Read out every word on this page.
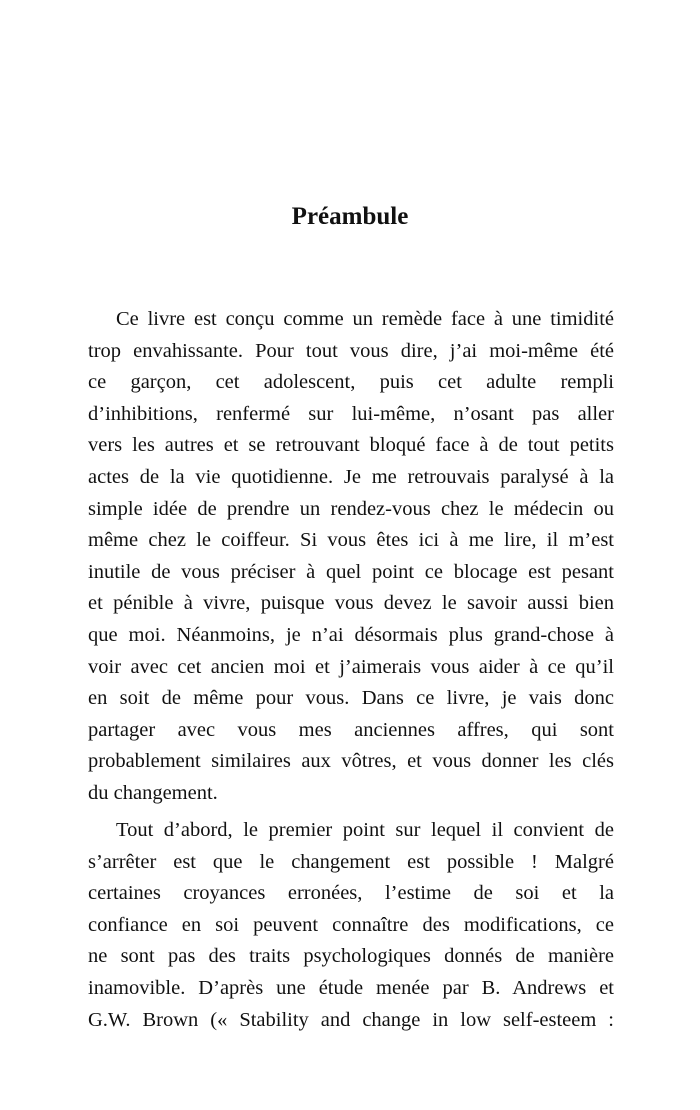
Préambule
Ce livre est conçu comme un remède face à une timidité
trop envahissante. Pour tout vous dire, j’ai moi-même été
ce garçon, cet adolescent, puis cet adulte rempli
d’inhibitions, renfermé sur lui-même, n’osant pas aller
vers les autres et se retrouvant bloqué face à de tout petits
actes de la vie quotidienne. Je me retrouvais paralysé à la
simple idée de prendre un rendez-vous chez le médecin ou
même chez le coiffeur. Si vous êtes ici à me lire, il m’est
inutile de vous préciser à quel point ce blocage est pesant
et pénible à vivre, puisque vous devez le savoir aussi bien
que moi. Néanmoins, je n’ai désormais plus grand-chose à
voir avec cet ancien moi et j’aimerais vous aider à ce qu’il
en soit de même pour vous. Dans ce livre, je vais donc
partager avec vous mes anciennes affres, qui sont
probablement similaires aux vôtres, et vous donner les clés
du changement.
Tout d’abord, le premier point sur lequel il convient de
s’arrêter est que le changement est possible ! Malgré
certaines croyances erronées, l’estime de soi et la
confiance en soi peuvent connaître des modifications, ce
ne sont pas des traits psychologiques donnés de manière
inamovible. D’après une étude menée par B. Andrews et
G.W. Brown (« Stability and change in low self-esteem :
